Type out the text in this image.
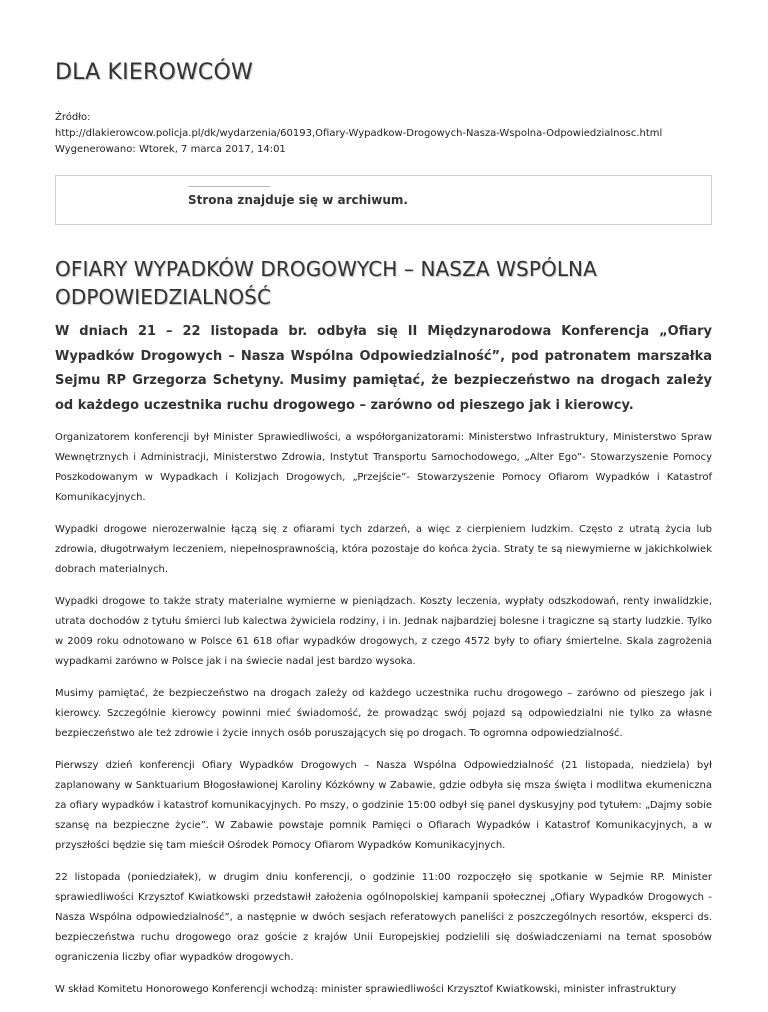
DLA KIEROWCÓW
Źródło:
http://dlakierowcow.policja.pl/dk/wydarzenia/60193,Ofiary-Wypadkow-Drogowych-Nasza-Wspolna-Odpowiedzialnosc.html
Wygenerowano: Wtorek, 7 marca 2017, 14:01
Strona znajduje się w archiwum.
OFIARY WYPADKÓW DROGOWYCH – NASZA WSPÓLNA ODPOWIEDZIALNOŚĆ

W dniach 21 – 22 listopada br. odbyła się II Międzynarodowa Konferencja „Ofiary Wypadków Drogowych – Nasza Wspólna Odpowiedzialność”, pod patronatem marszałka Sejmu RP Grzegorza Schetyny. Musimy pamiętać, że bezpieczeństwo na drogach zależy od każdego uczestnika ruchu drogowego – zarówno od pieszego jak i kierowcy.

Organizatorem konferencji był Minister Sprawiedliwości, a współorganizatorami: Ministerstwo Infrastruktury, Ministerstwo Spraw Wewnętrznych i Administracji, Ministerstwo Zdrowia, Instytut Transportu Samochodowego, „Alter Ego”- Stowarzyszenie Pomocy Poszkodowanym w Wypadkach i Kolizjach Drogowych, „Przejście”- Stowarzyszenie Pomocy Ofiarom Wypadków i Katastrof Komunikacyjnych.

Wypadki drogowe nierozerwalnie łączą się z ofiarami tych zdarzeń, a więc z cierpieniem ludzkim. Często z utratą życia lub zdrowia, długotrwałym leczeniem, niepełnosprawnością, która pozostaje do końca życia. Straty te są niewymierne w jakichkolwiek dobrach materialnych.

Wypadki drogowe to także straty materialne wymierne w pieniądzach. Koszty leczenia, wypłaty odszkodowań, renty inwalidzkie, utrata dochodów z tytułu śmierci lub kalectwa żywiciela rodziny, i in. Jednak najbardziej bolesne i tragiczne są starty ludzkie. Tylko w 2009 roku odnotowano w Polsce 61 618 ofiar wypadków drogowych, z czego 4572 były to ofiary śmiertelne. Skala zagrożenia wypadkami zarówno w Polsce jak i na świecie nadal jest bardzo wysoka.

Musimy pamiętać, że bezpieczeństwo na drogach zależy od każdego uczestnika ruchu drogowego – zarówno od pieszego jak i kierowcy. Szczególnie kierowcy powinni mieć świadomość, że prowadząc swój pojazd są odpowiedzialni nie tylko za własne bezpieczeństwo ale też zdrowie i życie innych osób poruszających się po drogach. To ogromna odpowiedzialność.

Pierwszy dzień konferencji Ofiary Wypadków Drogowych – Nasza Wspólna Odpowiedzialność (21 listopada, niedziela) był zaplanowany w Sanktuarium Błogosławionej Karoliny Kózkówny w Zabawie, gdzie odbyła się msza święta i modlitwa ekumeniczna za ofiary wypadków i katastrof komunikacyjnych. Po mszy, o godzinie 15:00 odbył się panel dyskusyjny pod tytułem: „Dajmy sobie szansę na bezpieczne życie”. W Zabawie powstaje pomnik Pamięci o Ofiarach Wypadków i Katastrof Komunikacyjnych, a w przyszłości będzie się tam mieścił Ośrodek Pomocy Ofiarom Wypadków Komunikacyjnych.

22 listopada (poniedziałek), w drugim dniu konferencji, o godzinie 11:00 rozpoczęło się spotkanie w Sejmie RP. Minister sprawiedliwości Krzysztof Kwiatkowski przedstawił założenia ogólnopolskiej kampanii społecznej „Ofiary Wypadków Drogowych - Nasza Wspólna odpowiedzialność”, a następnie w dwóch sesjach referatowych paneliści z poszczególnych resortów, eksperci ds. bezpieczeństwa ruchu drogowego oraz goście z krajów Unii Europejskiej podzielili się doświadczeniami na temat sposobów ograniczenia liczby ofiar wypadków drogowych.

W skład Komitetu Honorowego Konferencji wchodzą: minister sprawiedliwości Krzysztof Kwiatkowski, minister infrastruktury
